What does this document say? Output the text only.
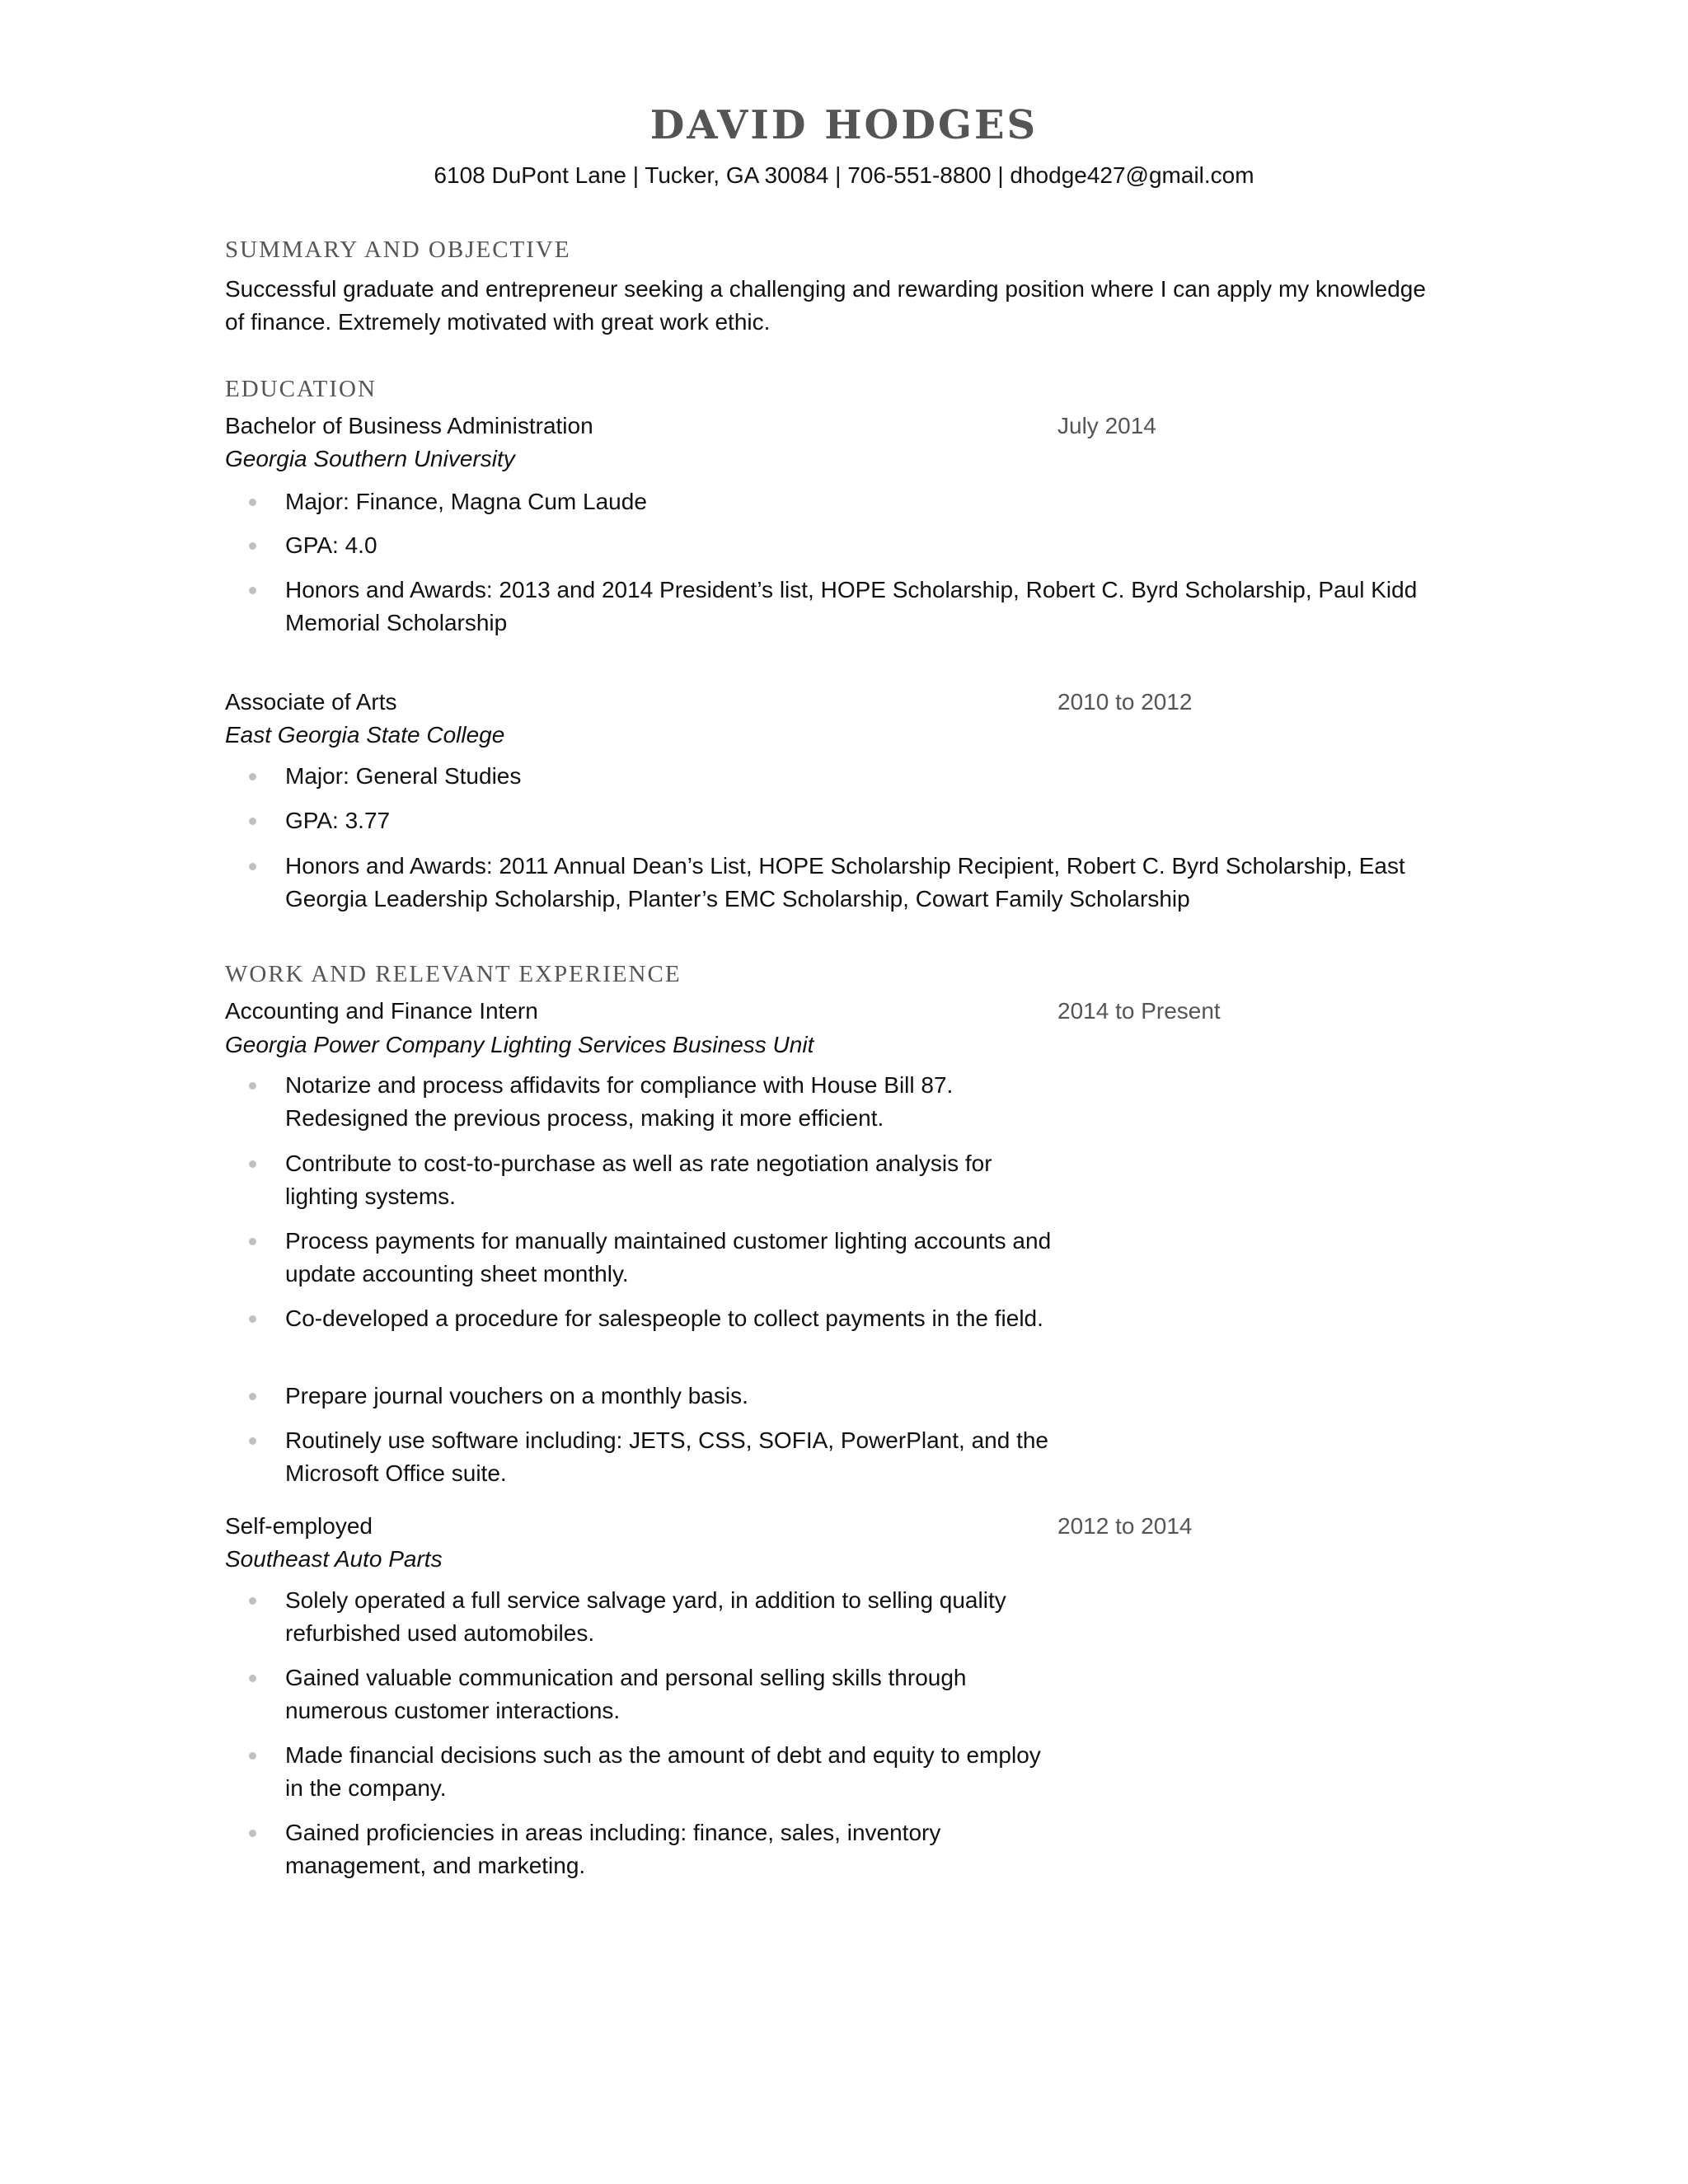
DAVID HODGES
6108 DuPont Lane | Tucker, GA 30084 | 706-551-8800 | dhodge427@gmail.com
SUMMARY AND OBJECTIVE
Successful graduate and entrepreneur seeking a challenging and rewarding position where I can apply my knowledge of finance. Extremely motivated with great work ethic.
EDUCATION
Bachelor of Business Administration	July 2014
Georgia Southern University
Major: Finance, Magna Cum Laude
GPA: 4.0
Honors and Awards: 2013 and 2014 President’s list, HOPE Scholarship, Robert C. Byrd Scholarship, Paul Kidd Memorial Scholarship
Associate of Arts	2010 to 2012
East Georgia State College
Major: General Studies
GPA: 3.77
Honors and Awards: 2011 Annual Dean’s List, HOPE Scholarship Recipient, Robert C. Byrd Scholarship, East Georgia Leadership Scholarship, Planter’s EMC Scholarship, Cowart Family Scholarship
WORK AND RELEVANT EXPERIENCE
Accounting and Finance Intern	2014 to Present
Georgia Power Company Lighting Services Business Unit
Notarize and process affidavits for compliance with House Bill 87. Redesigned the previous process, making it more efficient.
Contribute to cost-to-purchase as well as rate negotiation analysis for lighting systems.
Process payments for manually maintained customer lighting accounts and update accounting sheet monthly.
Co-developed a procedure for salespeople to collect payments in the field.
Prepare journal vouchers on a monthly basis.
Routinely use software including: JETS, CSS, SOFIA, PowerPlant, and the Microsoft Office suite.
Self-employed	2012 to 2014
Southeast Auto Parts
Solely operated a full service salvage yard, in addition to selling quality refurbished used automobiles.
Gained valuable communication and personal selling skills through numerous customer interactions.
Made financial decisions such as the amount of debt and equity to employ in the company.
Gained proficiencies in areas including: finance, sales, inventory management, and marketing.
